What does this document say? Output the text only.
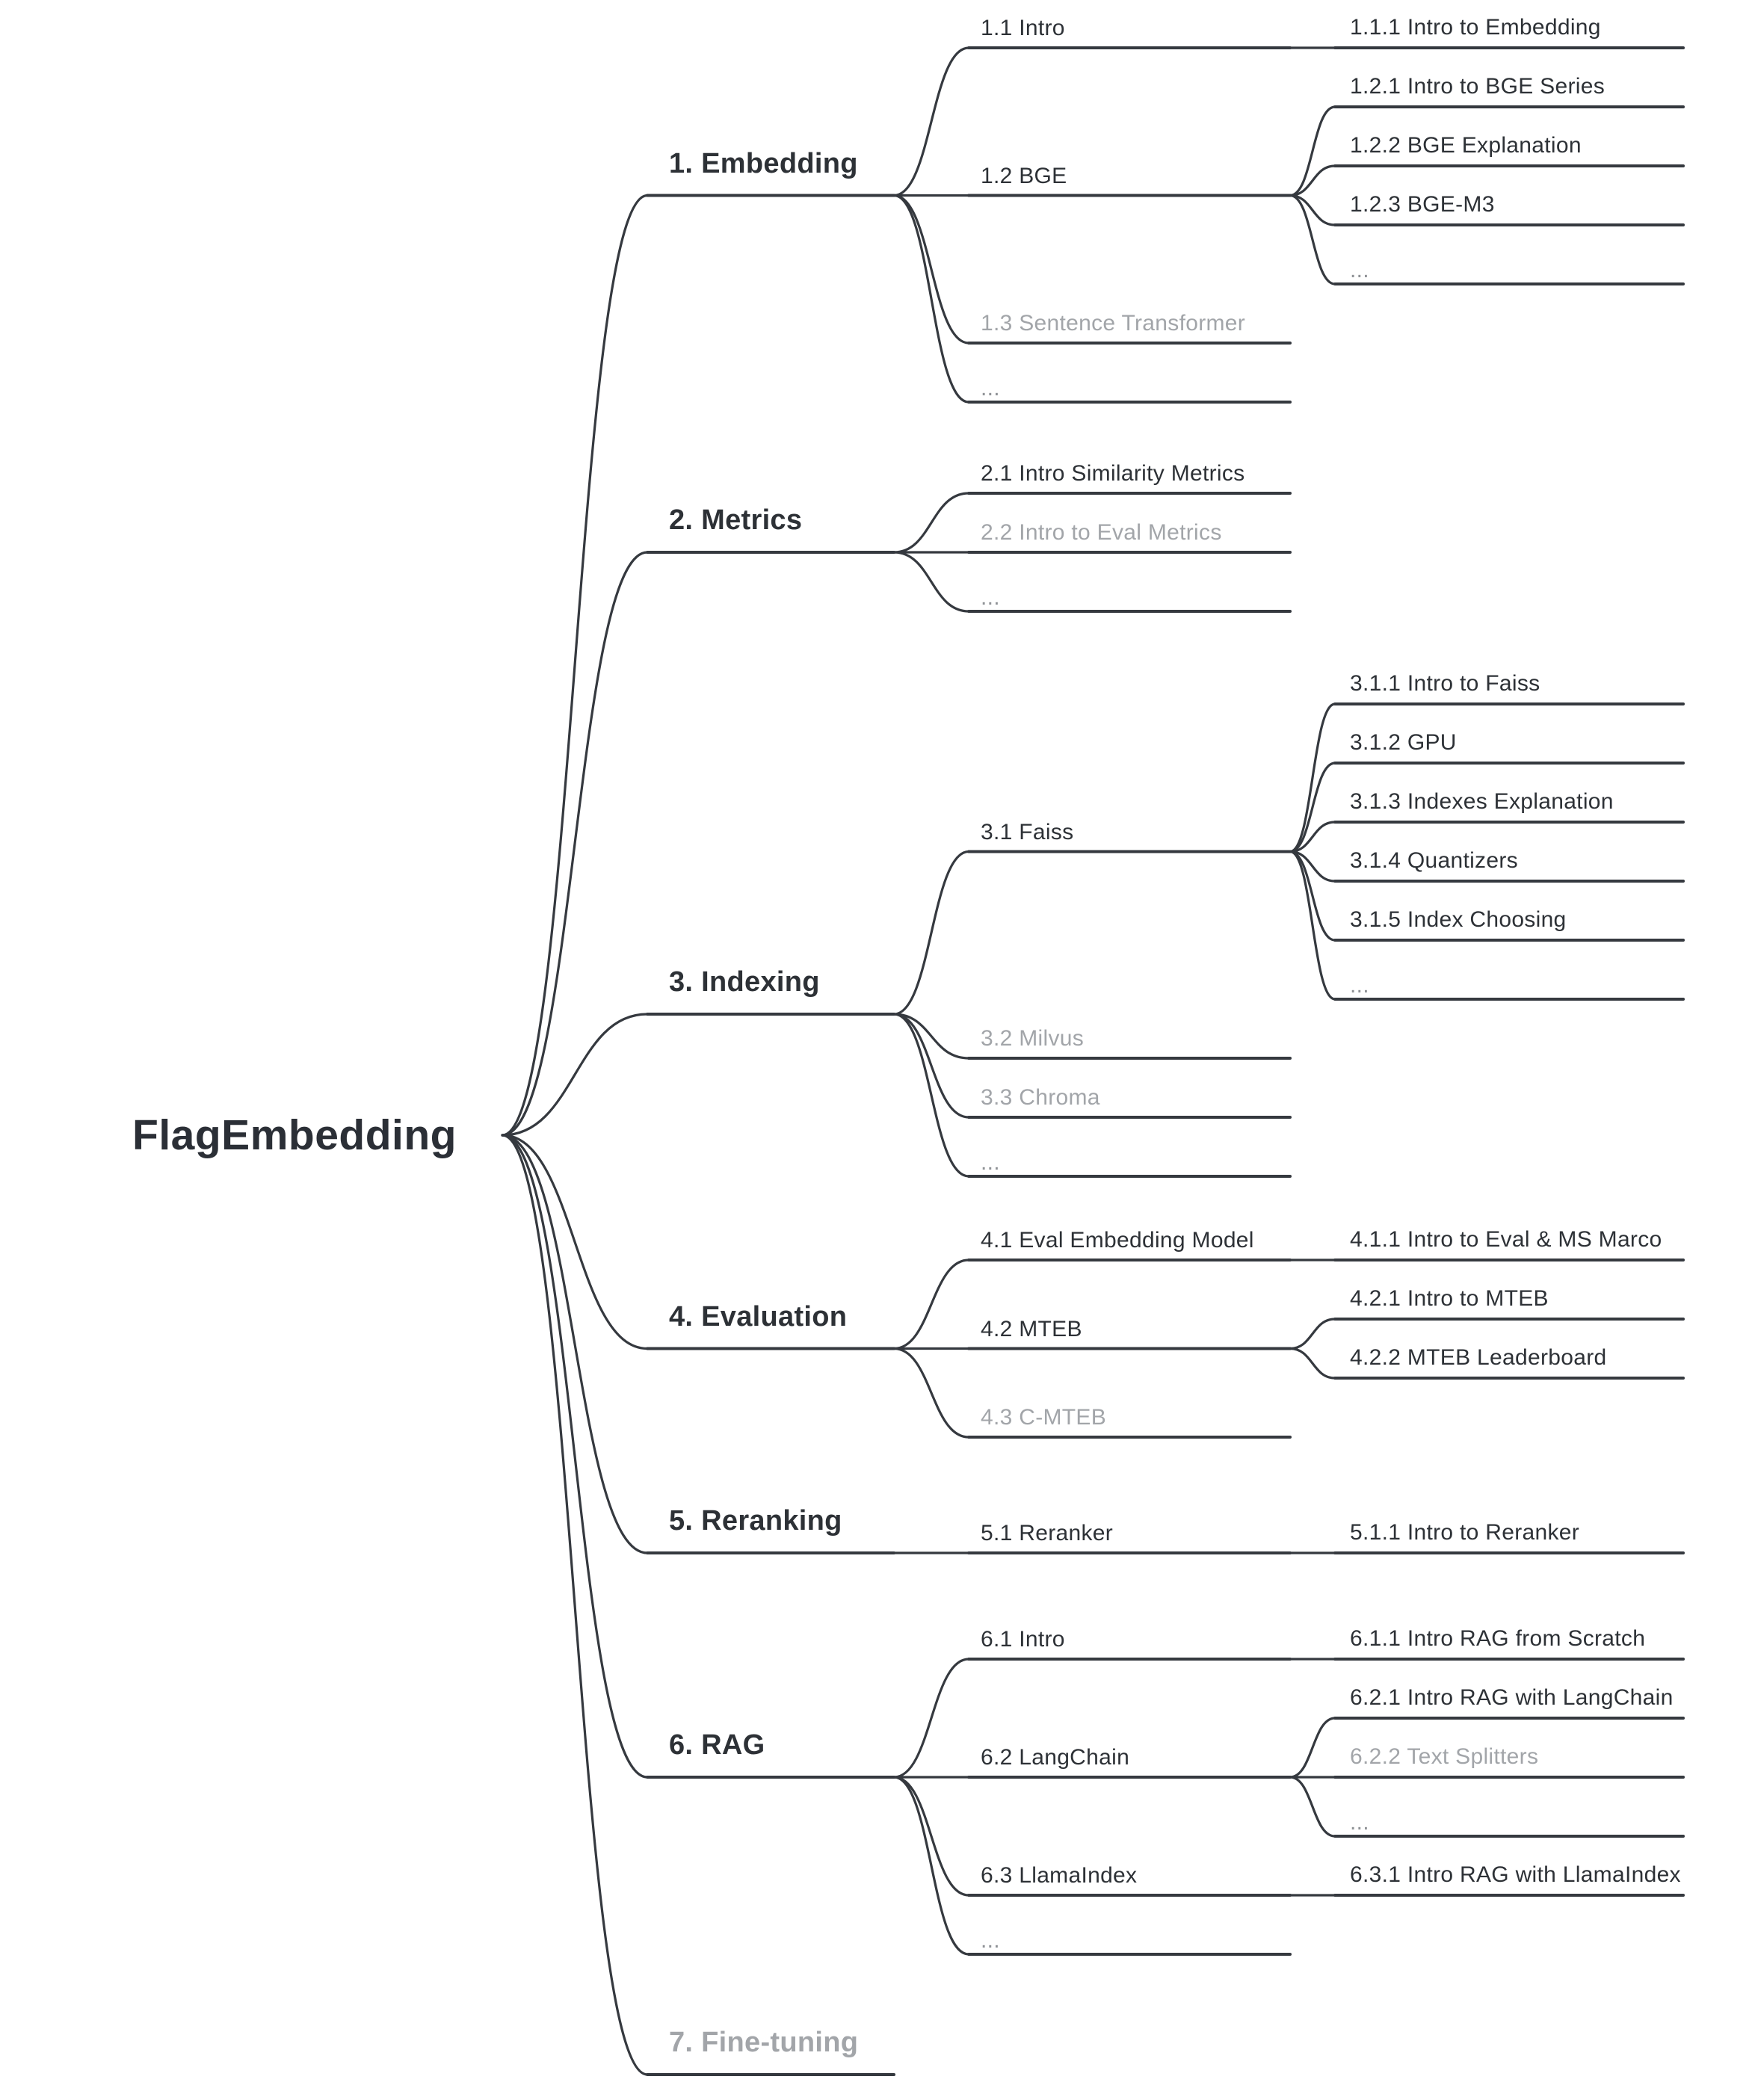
FlagEmbedding
1. Embedding
1.1 Intro	1.1.1 Intro to Embedding
1.2 BGE
1.2.1 Intro to BGE Series
1.2.2 BGE Explanation
1.2.3 BGE-M3
...
1.3 Sentence Transformer
...
2. Metrics
2.1 Intro Similarity Metrics
2.2 Intro to Eval Metrics
...
3. Indexing
3.1 Faiss
3.1.1 Intro to Faiss
3.1.2 GPU
3.1.3 Indexes Explanation
3.1.4 Quantizers
3.1.5 Index Choosing
...
3.2 Milvus
3.3 Chroma
...
4. Evaluation
4.1 Eval Embedding Model	4.1.1 Intro to Eval & MS Marco
4.2 MTEB
4.2.1 Intro to MTEB
4.2.2 MTEB Leaderboard
4.3 C-MTEB
5. Reranking	5.1 Reranker	5.1.1 Intro to Reranker
6. RAG
6.1 Intro	6.1.1 Intro RAG from Scratch
6.2 LangChain
6.2.1 Intro RAG with LangChain
6.2.2 Text Splitters
...
6.3 LlamaIndex	6.3.1 Intro RAG with LlamaIndex
...
7. Fine-tuning
